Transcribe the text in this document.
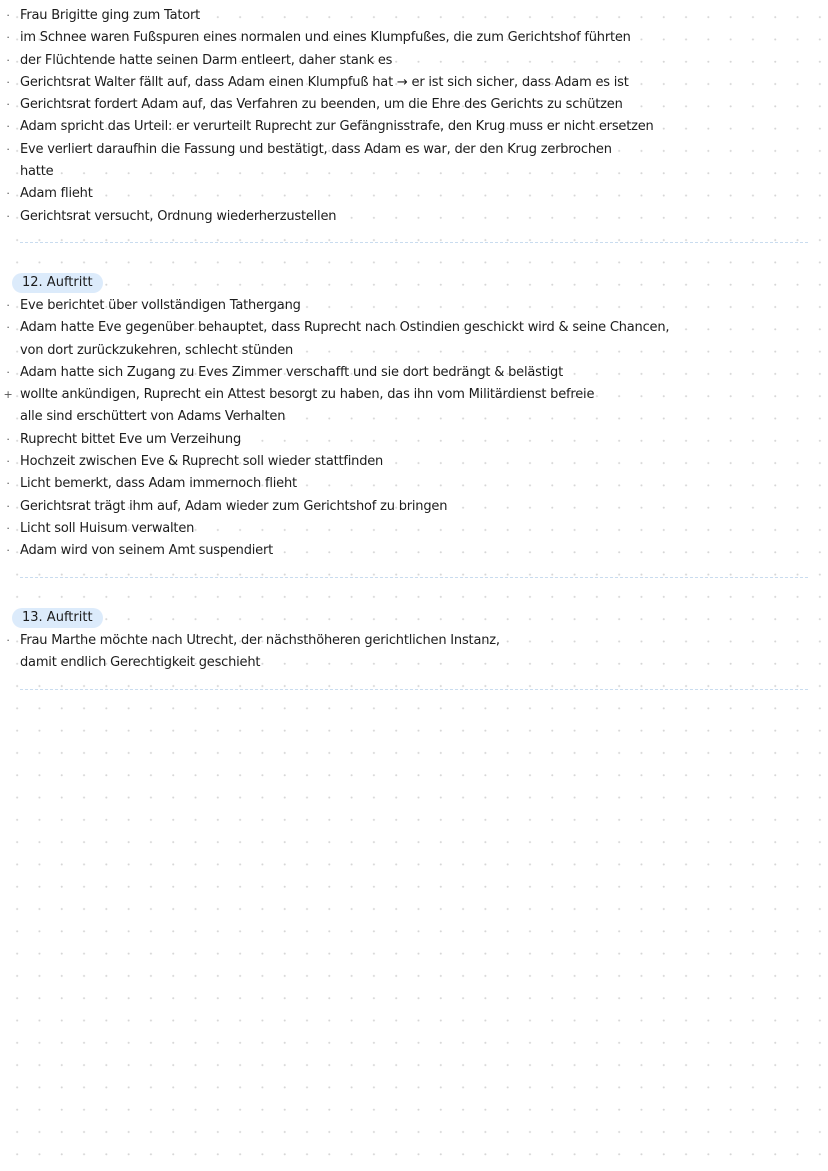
· Frau Brigitte ging zum Tatort
· im Schnee waren Fußspuren eines normalen und eines Klumpfußes, die zum Gerichtshof führten
· der Flüchtende hatte seinen Darm entleert, daher stank es
· Gerichtsrat Walter fällt auf, dass Adam einen Klumpfuß hat → er ist sich sicher, dass Adam es ist
· Gerichtsrat fordert Adam auf, das Verfahren zu beenden, um die Ehre des Gerichts zu schützen
· Adam spricht das Urteil: er verurteilt Ruprecht zur Gefängnisstrafe, den Krug muss er nicht ersetzen
· Eve verliert daraufhin die Fassung und bestätigt, dass Adam es war, der den Krug zerbrochen
hatte
· Adam flieht
· Gerichtsrat versucht, Ordnung wiederherzustellen
12. Auftritt
· Eve berichtet über vollständigen Tathergang
· Adam hatte Eve gegenüber behauptet, dass Ruprecht nach Ostindien geschickt wird & seine Chancen,
von dort zurückzukehren, schlecht stünden
· Adam hatte sich Zugang zu Eves Zimmer verschafft und sie dort bedrängt & belästigt
+ wollte ankündigen, Ruprecht ein Attest besorgt zu haben, das ihn vom Militärdienst befreie
alle sind erschüttert von Adams Verhalten
· Ruprecht bittet Eve um Verzeihung
· Hochzeit zwischen Eve & Ruprecht soll wieder stattfinden
· Licht bemerkt, dass Adam immernoch flieht
· Gerichtsrat trägt ihm auf, Adam wieder zum Gerichtshof zu bringen
· Licht soll Huisum verwalten
· Adam wird von seinem Amt suspendiert
13. Auftritt
· Frau Marthe möchte nach Utrecht, der nächsthöheren gerichtlichen Instanz,
damit endlich Gerechtigkeit geschieht
